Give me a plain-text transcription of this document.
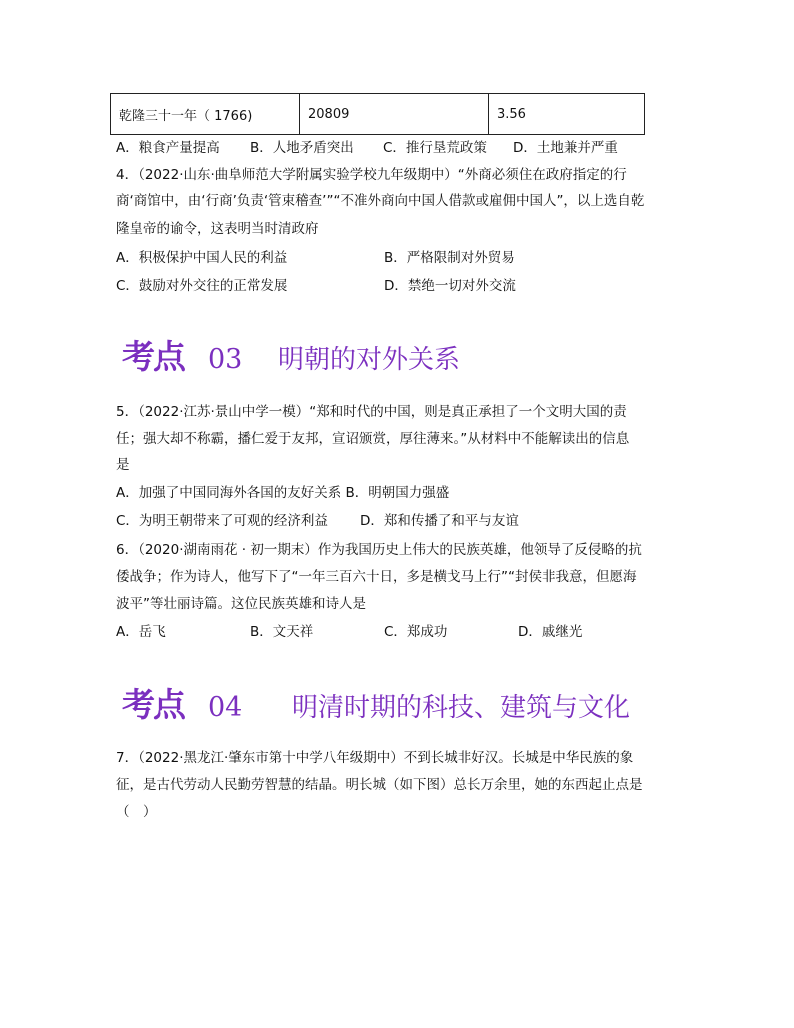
乾隆三十一年（ 1766)	20809	3.56
A．粮食产量提高 B．人地矛盾突出 C．推行垦荒政策 D．土地兼并严重
4．（2022·山东·曲阜师范大学附属实验学校九年级期中）“外商必须住在政府指定的行
商‘商馆中，由‘行商’负责‘管束稽查’”“不准外商向中国人借款或雇佣中国人”，以上选自乾
隆皇帝的谕令，这表明当时清政府
A．积极保护中国人民的利益	B．严格限制对外贸易
C．鼓励对外交往的正常发展	D．禁绝一切对外交流
考点 03 明朝的对外关系
5．（2022·江苏·景山中学一模）“郑和时代的中国，则是真正承担了一个文明大国的责
任；强大却不称霸，播仁爱于友邦，宣诏颁赏，厚往薄来。”从材料中不能解读出的信息
是
A．加强了中国同海外各国的友好关系 B．明朝国力强盛
C．为明王朝带来了可观的经济利益 D．郑和传播了和平与友谊
6．（2020·湖南雨花 · 初一期末）作为我国历史上伟大的民族英雄，他领导了反侵略的抗
倭战争；作为诗人，他写下了“一年三百六十日，多是横戈马上行”“封侯非我意，但愿海
波平”等壮丽诗篇。这位民族英雄和诗人是
A．岳飞	B．文天祥	C．郑成功	D．戚继光
考点 04 明清时期的科技、建筑与文化
7．（2022·黑龙江·肇东市第十中学八年级期中）不到长城非好汉。长城是中华民族的象
征，是古代劳动人民勤劳智慧的结晶。明长城（如下图）总长万余里，她的东西起止点是
（　）
